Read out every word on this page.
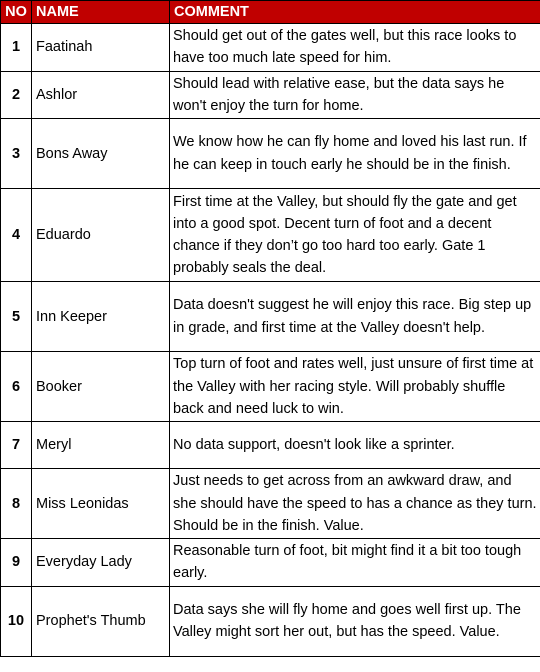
NO	NAME	COMMENT
1	Faatinah	Should get out of the gates well, but this race looks to have too much late speed for him.
2	Ashlor	Should lead with relative ease, but the data says he won't enjoy the turn for home.
3	Bons Away	We know how he can fly home and loved his last run. If he can keep in touch early he should be in the finish.
4	Eduardo	First time at the Valley, but should fly the gate and get into a good spot. Decent turn of foot and a decent chance if they don’t go too hard too early. Gate 1 probably seals the deal.
5	Inn Keeper	Data doesn't suggest he will enjoy this race. Big step up in grade, and first time at the Valley doesn't help.
6	Booker	Top turn of foot and rates well, just unsure of first time at the Valley with her racing style. Will probably shuffle back and need luck to win.
7	Meryl	No data support, doesn't look like a sprinter.
8	Miss Leonidas	Just needs to get across from an awkward draw, and she should have the speed to has a chance as they turn. Should be in the finish. Value.
9	Everyday Lady	Reasonable turn of foot, bit might find it a bit too tough early.
10	Prophet's Thumb	Data says she will fly home and goes well first up. The Valley might sort her out, but has the speed. Value.
